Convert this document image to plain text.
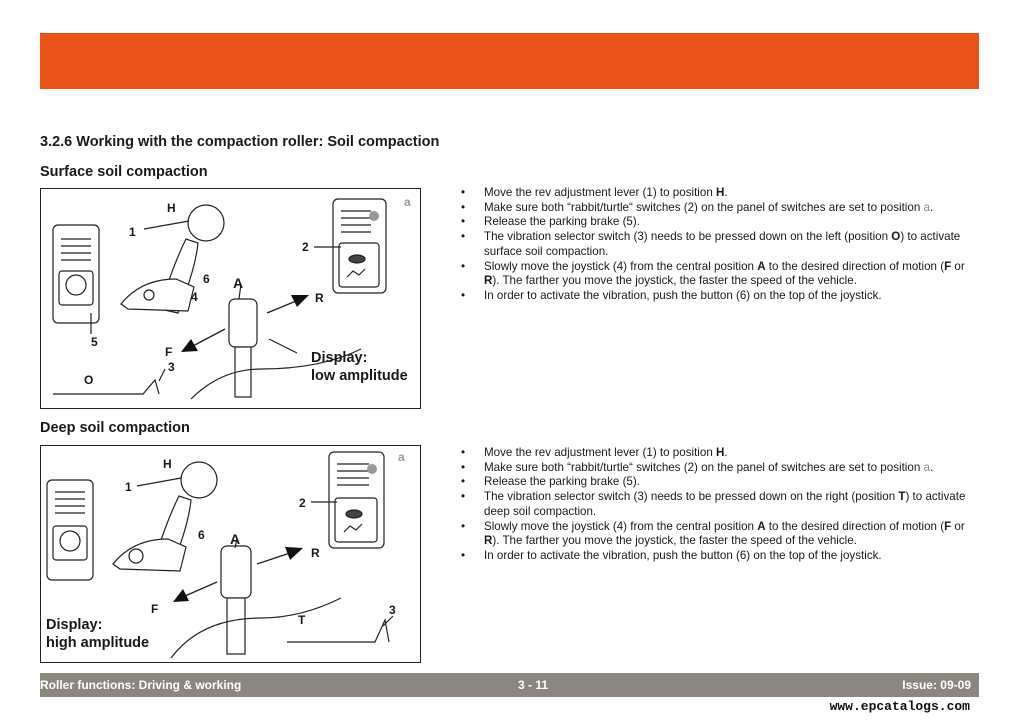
3.2.6 Working with the compaction roller: Soil compaction
Surface soil compaction
H
1
2
a
6 A
4	R
5
F
3
O
Display:
low amplitude
• Move the rev adjustment lever (1) to position H.
• Make sure both “rabbit/turtle“ switches (2) on the panel of switches are set to position a.
• Release the parking brake (5).
• The vibration selector switch (3) needs to be pressed down on the left (position O) to activate surface soil compaction.
• Slowly move the joystick (4) from the central position A to the desired direction of motion (F or R). The farther you move the joystick, the faster the speed of the vehicle.
• In order to activate the vibration, push the button (6) on the top of the joystick.
Deep soil compaction
H
1
2
a
6 A
R
F
T
3
Display:
high amplitude
• Move the rev adjustment lever (1) to position H.
• Make sure both “rabbit/turtle“ switches (2) on the panel of switches are set to position a.
• Release the parking brake (5).
• The vibration selector switch (3) needs to be pressed down on the right (position T) to activate deep soil compaction.
• Slowly move the joystick (4) from the central position A to the desired direction of motion (F or R). The farther you move the joystick, the faster the speed of the vehicle.
• In order to activate the vibration, push the button (6) on the top of the joystick.
Roller functions: Driving & working	3 - 11	Issue: 09-09
www.epcatalogs.com
